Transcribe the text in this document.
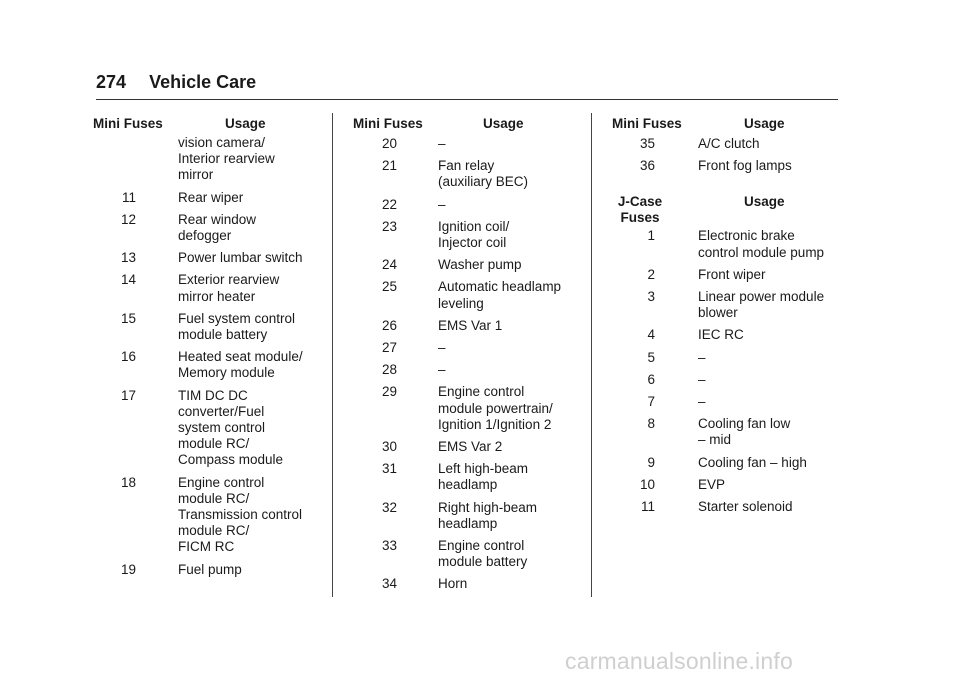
274 Vehicle Care
Mini Fuses	Usage
vision camera/
Interior rearview
mirror
11	Rear wiper
12	Rear window
defogger
13	Power lumbar switch
14	Exterior rearview
mirror heater
15	Fuel system control
module battery
16	Heated seat module/
Memory module
17	TIM DC DC
converter/Fuel
system control
module RC/
Compass module
18	Engine control
module RC/
Transmission control
module RC/
FICM RC
19	Fuel pump
Mini Fuses	Usage
20	–
21	Fan relay
(auxiliary BEC)
22	–
23	Ignition coil/
Injector coil
24	Washer pump
25	Automatic headlamp
leveling
26	EMS Var 1
27	–
28	–
29	Engine control
module powertrain/
Ignition 1/Ignition 2
30	EMS Var 2
31	Left high-beam
headlamp
32	Right high-beam
headlamp
33	Engine control
module battery
34	Horn
Mini Fuses	Usage
35	A/C clutch
36	Front fog lamps
J-Case
Fuses
Usage
1	Electronic brake
control module pump
2	Front wiper
3	Linear power module
blower
4	IEC RC
5	–
6	–
7	–
8	Cooling fan low
– mid
9	Cooling fan – high
10	EVP
11	Starter solenoid
carmanualsonline.info
